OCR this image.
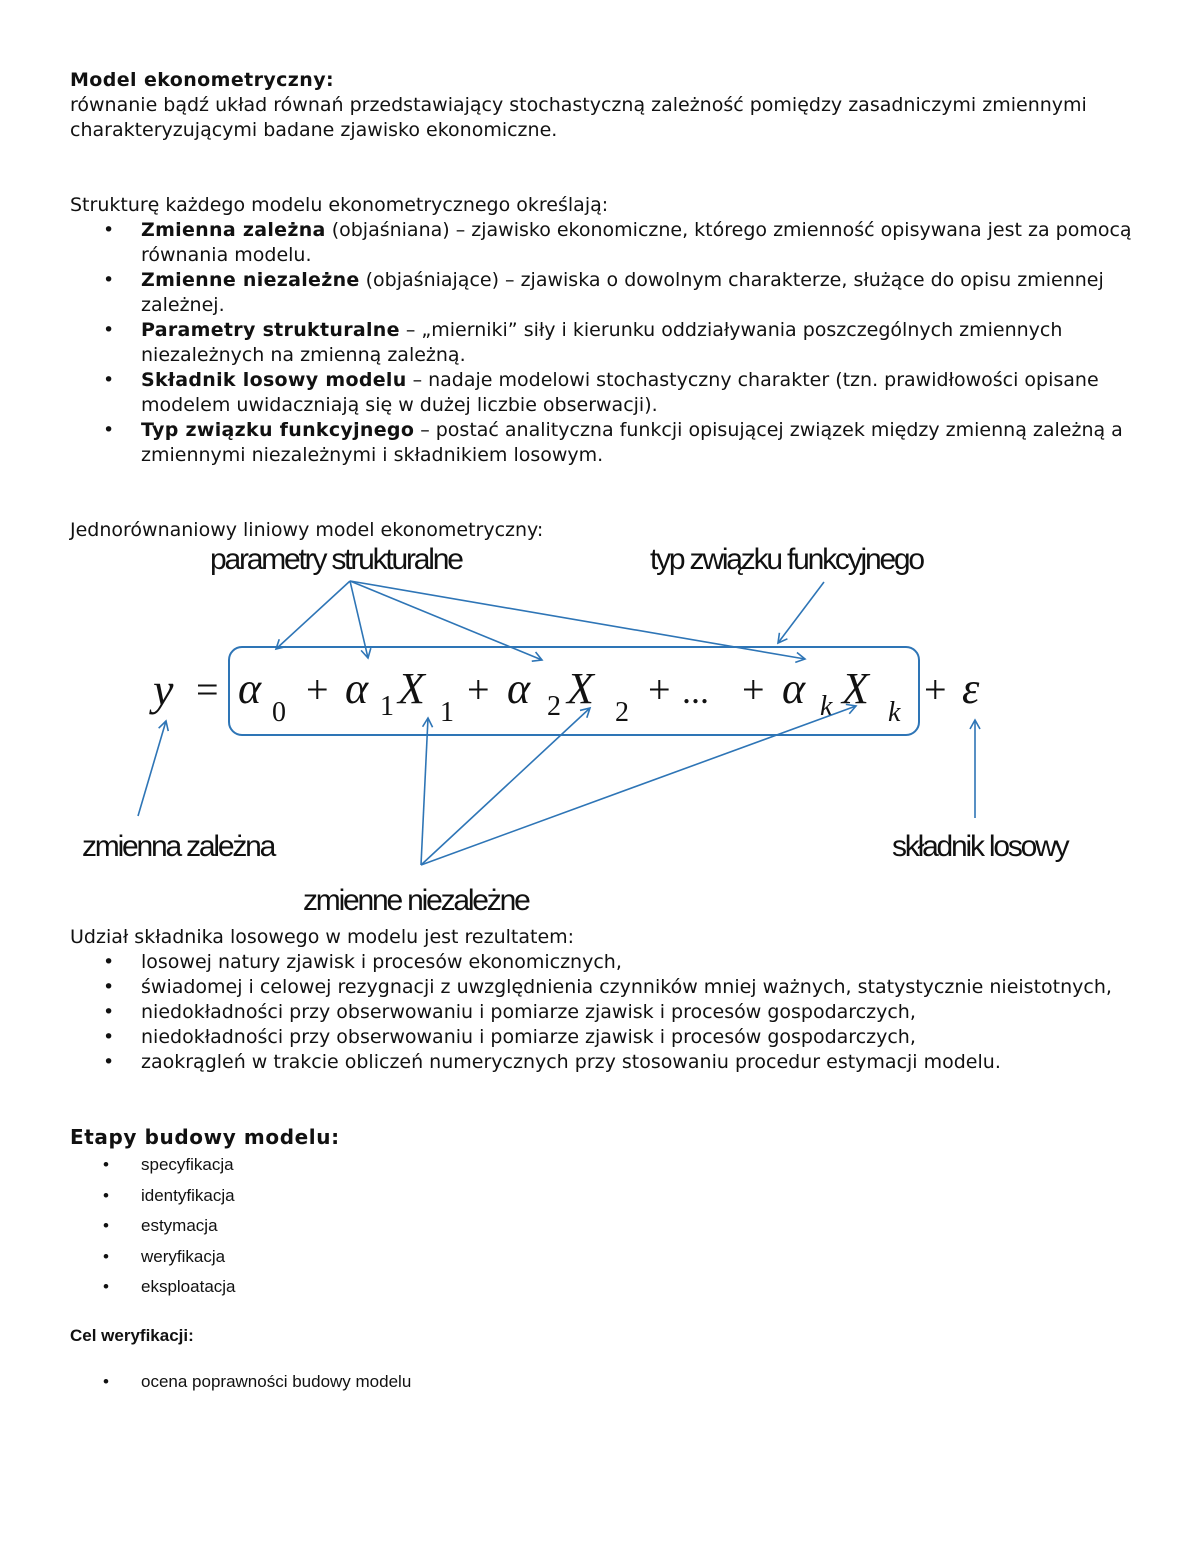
Model ekonometryczny:

równanie bądź układ równań przedstawiający stochastyczną zależność pomiędzy zasadniczymi zmiennymi charakteryzującymi badane zjawisko ekonomiczne.

Strukturę każdego modelu ekonometrycznego określają:

• Zmienna zależna (objaśniana) – zjawisko ekonomiczne, którego zmienność opisywana jest za pomocą równania modelu.
• Zmienne niezależne (objaśniające) – zjawiska o dowolnym charakterze, służące do opisu zmiennej zależnej.
• Parametry strukturalne – „mierniki” siły i kierunku oddziaływania poszczególnych zmiennych niezależnych na zmienną zależną.
• Składnik losowy modelu – nadaje modelowi stochastyczny charakter (tzn. prawidłowości opisane modelem uwidaczniają się w dużej liczbie obserwacji).
• Typ związku funkcyjnego – postać analityczna funkcji opisującej związek między zmienną zależną a zmiennymi niezależnymi i składnikiem losowym.

Jednorównaniowy liniowy model ekonometryczny:

parametry strukturalne	typ związku funkcyjnego
zmienna zależna	składnik losowy
zmienne niezależne
y = α 0
+ α 1 X 1
+ α 2 X 2
+ ... + α k X k
+ ε

Udział składnika losowego w modelu jest rezultatem:

• losowej natury zjawisk i procesów ekonomicznych,
• świadomej i celowej rezygnacji z uwzględnienia czynników mniej ważnych, statystycznie nieistotnych,
• niedokładności przy obserwowaniu i pomiarze zjawisk i procesów gospodarczych,
• niedokładności przy obserwowaniu i pomiarze zjawisk i procesów gospodarczych,
• zaokrągleń w trakcie obliczeń numerycznych przy stosowaniu procedur estymacji modelu.

Etapy budowy modelu:

• specyfikacja
• identyfikacja
• estymacja
• weryfikacja
• eksploatacja

Cel weryfikacji:

• ocena poprawności budowy modelu
